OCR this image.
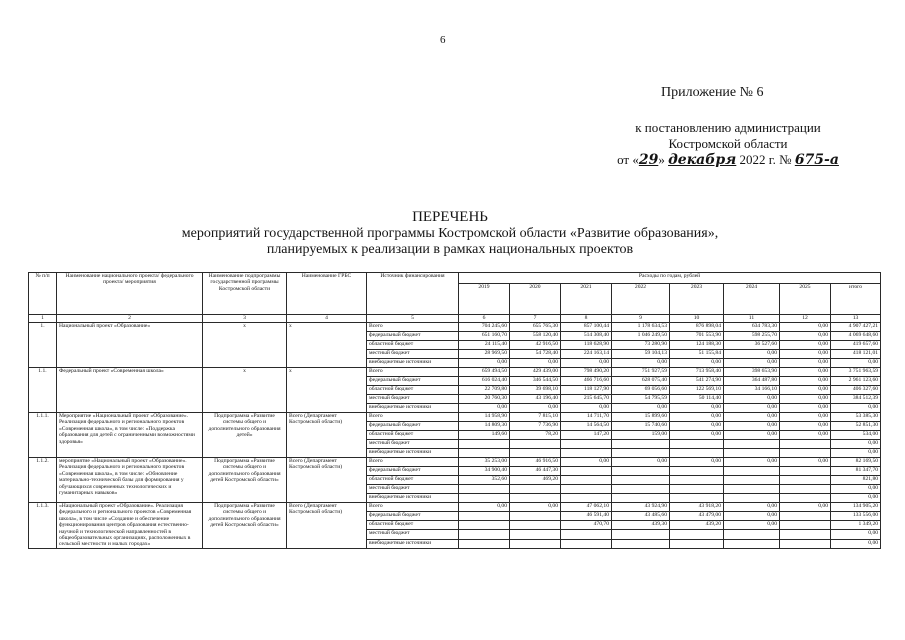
6
Приложение № 6
к постановлению администрации
Костромской области
от «29» декабря 2022 г. № 675-а
ПЕРЕЧЕНЬ
мероприятий государственной программы Костромской области «Развитие образования»,
планируемых к реализации в рамках национальных проектов
№ п/п	Наименование национального проекта/ федерального проекта/ мероприятия	Наименование подпрограммы государственной программы Костромской области	Наименование ГРБС	Источник финансирования	Расходы по годам, рублей							
					2019	2020	2021	2022	2023	2024	2025	итого
1	2	3	4	5	6	7	8	9	10	11	12	13
1.	Национальный проект «Образование»	х	х	Всего	704 245,60	655 765,30	857 100,44	1 178 634,53	876 898,04	634 783,30	0,00	4 907 427,21
				федеральный бюджет	651 160,70	558 120,40	514 308,40	1 046 249,50	701 553,90	598 255,70	0,00	4 069 648,60
				областной бюджет	24 115,40	42 916,50	118 628,90	73 280,90	124 188,30	36 527,60	0,00	419 657,60
				местный бюджет	28 969,50	54 728,40	224 163,14	59 104,13	51 155,84	0,00	0,00	418 121,01
				внебюджетные источники	0,00	0,00	0,00	0,00	0,00	0,00	0,00	0,00
1.1.	Федеральный проект «Современная школа»	х	х	Всего	659 494,50	429 439,00	798 490,20	751 927,59	713 958,40	398 653,90	0,00	3 751 963,59
				федеральный бюджет	616 024,40	346 544,50	466 716,60	628 075,40	541 274,90	364 487,80	0,00	2 961 123,60
				областной бюджет	22 709,80	39 698,10	118 127,90	69 056,60	122 569,10	34 166,10	0,00	406 327,60
				местный бюджет	20 760,30	43 196,40	215 645,70	54 795,59	50 114,40	0,00	0,00	384 512,39
				внебюджетные источники	0,00	0,00	0,00	0,00	0,00	0,00	0,00	0,00
1.1.1.	Мероприятие «Национальный проект «Образование». Реализация федерального и регионального проектов «Современная школа», в том числе: «Поддержка образования для детей с ограниченными возможностями здоровья»	Подпрограмма «Развитие системы общего и дополнительного образования детей»	Всего (Департамент Костромской области)	Всего	14 958,90	7 815,10	14 711,70	15 899,60	0,00	0,00	0,00	53 385,30
				федеральный бюджет	14 809,30	7 736,90	14 564,50	15 740,60	0,00	0,00	0,00	52 851,30
				областной бюджет	149,60	78,20	147,20	159,00	0,00	0,00	0,00	534,00
				местный бюджет								0,00
				внебюджетные источники								0,00
1.1.2.	мероприятие «Национальный проект «Образование». Реализация федерального и регионального проектов «Современная школа», в том числе: «Обновление материально-технической базы для формирования у обучающихся современных технологических и гуманитарных навыков»	Подпрограмма «Развитие системы общего и дополнительного образования детей Костромской области»	Всего (Департамент Костромской области)	Всего	35 253,00	46 916,50	0,00	0,00	0,00	0,00	0,00	82 169,50
				федеральный бюджет	34 900,40	46 447,30						81 347,70
				областной бюджет	352,60	469,20						821,80
				местный бюджет								0,00
				внебюджетные источники								0,00
1.1.3.	«Национальный проект «Образование». Реализация федерального и регионального проектов «Современная школа», в том числе «Создание и обеспечение функционирования центров образования естественно-научной и технологической направленностей в общеобразовательных организациях, расположенных в сельской местности и малых городах»	Подпрограмма «Развитие системы общего и дополнительного образования детей Костромской области»	Всего (Департамент Костромской области)	Всего	0,00	0,00	47 062,10	43 924,90	43 918,20	0,00	0,00	134 905,20
				федеральный бюджет			46 591,40	43 485,60	43 479,00	0,00		133 556,00
				областной бюджет			470,70	439,30	439,20	0,00		1 349,20
				местный бюджет								0,00
				внебюджетные источники								0,00
